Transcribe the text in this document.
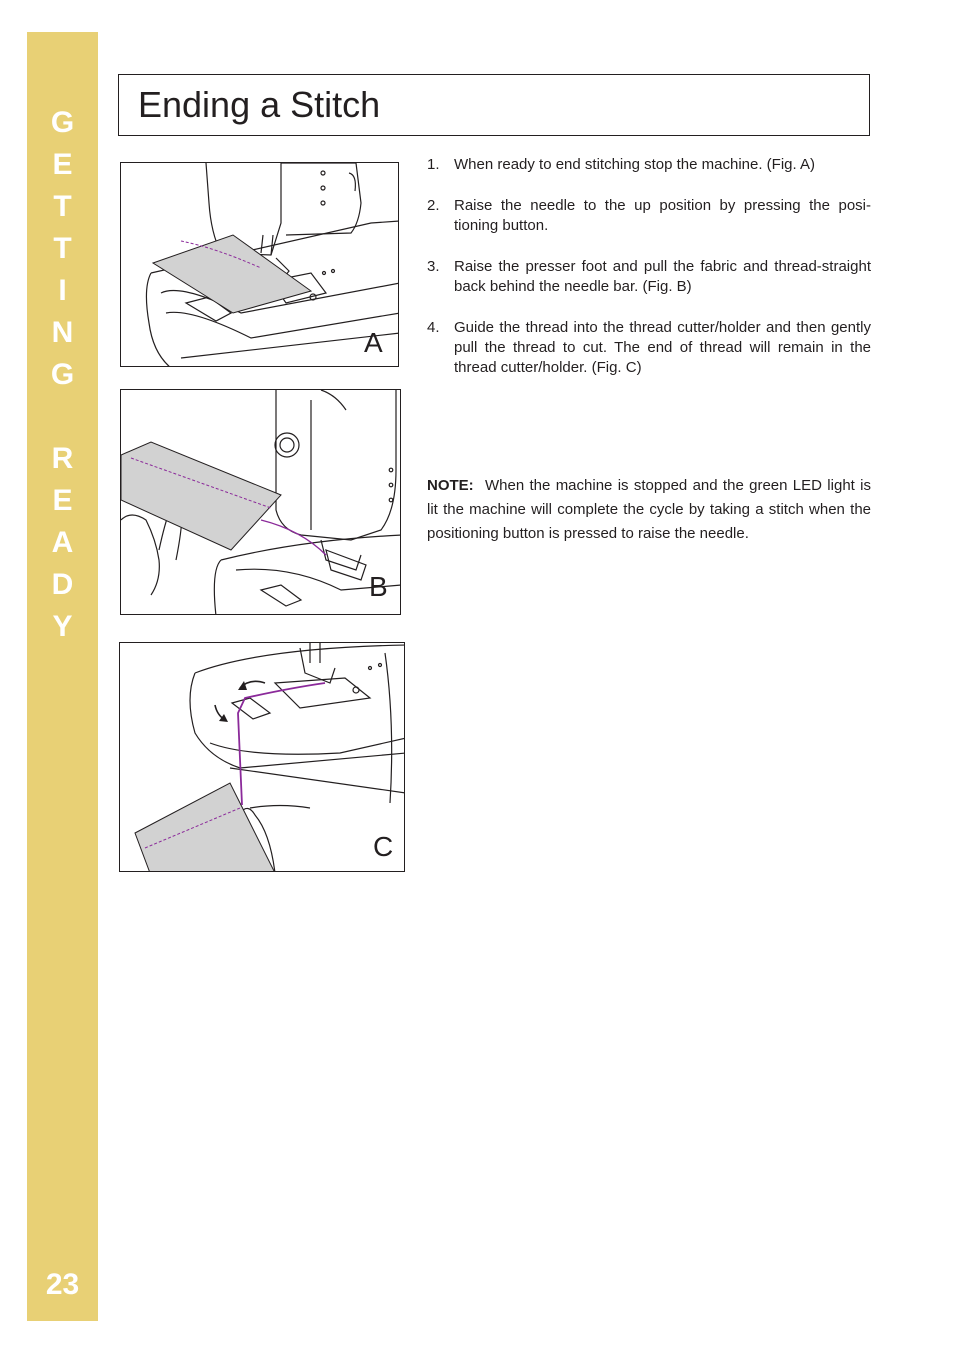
G
E
T
T
I
N
G
R
E
A
D
Y
23
Ending a Stitch
A
B
C
1. When ready to end stitching stop the machine. (Fig. A)
2. Raise the needle to the up position by pressing the posi-tioning button.
3. Raise the presser foot and pull the fabric and thread-straight back behind the needle bar. (Fig. B)
4. Guide the thread into the thread cutter/holder and then gently pull the thread to cut. The end of thread will remain in the thread cutter/holder. (Fig. C)
NOTE: When the machine is stopped and the green LED light is lit the machine will complete the cycle by taking a stitch when the positioning button is pressed to raise the needle.
